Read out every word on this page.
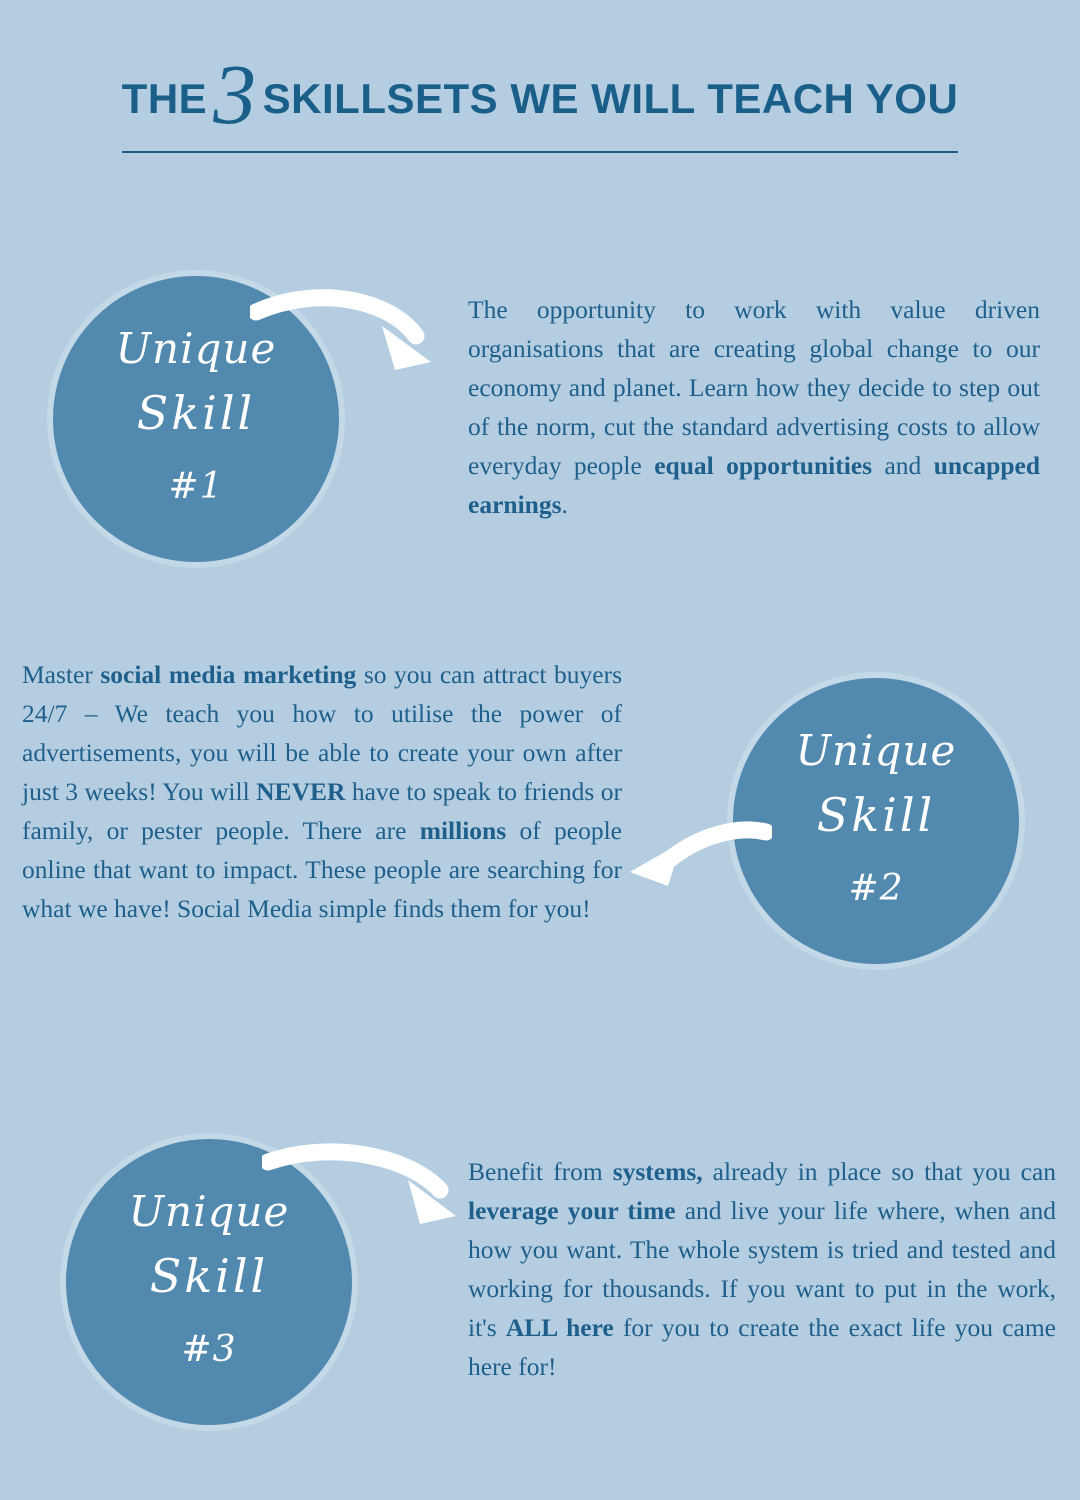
THE3 SKILLSETS WE WILL TEACH YOU
Unique
Skill
#1
The opportunity to work with value driven organisations that are creating global change to our economy and planet. Learn how they decide to step out of the norm, cut the standard advertising costs to allow everyday people equal opportunities and uncapped earnings.
Unique
Skill
#2
Master social media marketing so you can attract buyers 24/7 – We teach you how to utilise the power of advertisements, you will be able to create your own after just 3 weeks! You will NEVER have to speak to friends or family, or pester people. There are millions of people online that want to impact. These people are searching for what we have! Social Media simple finds them for you!
Unique
Skill
#3
Benefit from systems, already in place so that you can leverage your time and live your life where, when and how you want. The whole system is tried and tested and working for thousands. If you want to put in the work, it's ALL here for you to create the exact life you came here for!
